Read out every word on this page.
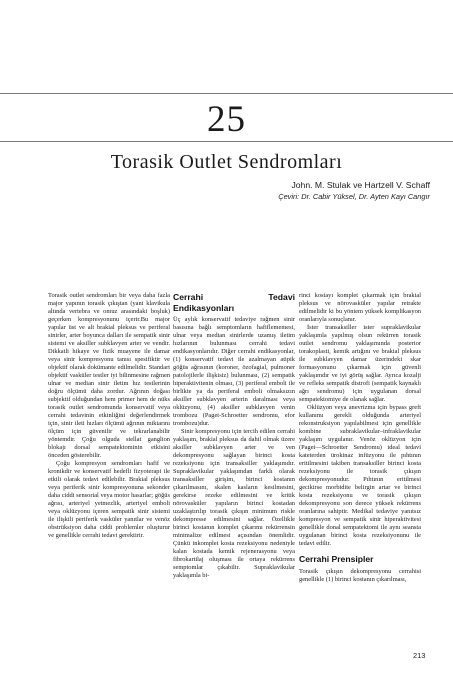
25
Torasik Outlet Sendromları
John. M. Stulak ve Hartzell V. Schaff
Çeviri: Dr. Cabir Yüksel, Dr. Ayten Kayı Cangır

Torasik outlet sendromları bir veya daha fazla major yapının torasik çıkıştan (yani klavikula altında vertebra ve omuz arasındaki boşluk) geçerken kompresyonunu içerir.Bu major yapılar üst ve alt brakial pleksus ve periferal sinirler, arter boyunca dalları ile sempatik sinir sistemi ve aksiller subklavyen arter ve vendir. Dikkatli hikaye ve fizik muayene ile damar veya sinir kompresyonu tanısı spesifiktir ve objektif olarak dokümante edilmelidir. Standart objektif vasküler testler iyi bilinmesine rağmen ulnar ve median sinir iletim hız testlerinin doğru ölçümü daha zordur. Ağrının doğası subjektif olduğundan hem primer hem de nüks torasik outlet sendromunda konservatif veya cerrahi tedavinin etkinliğini değerlendirmek için, sinir ileti hızları ölçümü ağrının miktarını ölçüm için güvenilir ve tekrarlanabilir yöntemdir. Çoğu olguda stellat ganglion blokajı dorsal sempatektominin etkisini önceden gösterebilir.

Çoğu kompresyon sendromları hafif ve kronikdir ve konservatif hedefli fizyoterapi ile etkili olarak tedavi edilebilir. Brakial pleksus veya periferik sinir kompresyonuna sekonder daha ciddi sensorial veya motor hasarlar; göğüs ağrısı, arteriyel yetmezlik, arteriyel emboli veya oklüzyonu içeren sempatik sinir sistemi ile ilişkili periferik vasküler yanıtlar ve venöz obstrüksiyon daha ciddi problemler oluşturur ve genellikle cerrahi tedavi gerektirir.

Cerrahi Tedavi Endikasyonları

Üç aylık konservatif tedaviye rağmen sinir basısına bağlı semptomların hafiflememesi, ulnar veya median sinirlerde uzamış iletim hızlarının bulunması cerrahi tedavi endikasyonlarıdır. Diğer cerrahi endikasyonlar, (1) konservatif tedavi ile azalmayan atipik göğüs ağrısının (koroner, özofagial, pulmoner patolojilerle ilişkisiz) bulunması, (2) sempatik hiperaktivitenin olması, (3) periferal emboli ile birlikte ya da periferal emboli olmaksızın aksiller subklavyen arterin daralması veya oklüzyonu, (4) aksiller subklavyen venin trombozu (Paget-Schroetter sendromu, efor trombozu)dur.

Sinir kompresyonu için tercih edilen cerrahi yaklaşım, brakial pleksus da dahil olmak üzere aksiller subklavyen arter ve ven dekompresyonu sağlayan birinci kosta rezeksiyonu için transaksiller yaklaşımdır. Supraklavikular yaklaşımdan farklı olarak transaksiller girişim, birinci kostanın çıkarılmasını, skalen kasların kesilmesini, gerekirse rezeke edilmesini ve kritik nörovasküler yapıların birinci kostadan uzaklaştırılıp torasik çıkışın minimum riskle dekompresse edilmesini sağlar. Özellikle birinci kostanın komplet çıkarımı rekürrensin minimalize edilmesi açısından önemlidir. Çünkü inkomplet kosta rezeksiyonu nedeniyle kalan kostada kemik rejenerasyonu veya fibrokartilaj oluşması ile ortaya rekürrens semptomlar çıkabilir. Supraklavikular yaklaşımla bi-

rinci kostayı komplet çıkarmak için brakial pleksus ve nörovasküler yapılar retrakte edilmelidir ki bu yöntem yüksek komplikasyon oranlarıyla sonuçlanır.

İster transaksiller ister supraklavikular yaklaşımla yapılmış olsun rekürren torasik outlet sendromu yaklaşımında posterior torakoplasti, kemik artığını ve brakial pleksus ile subklavyen damar üzerindeki skar formasyonunu çıkarmak için güvenli yaklaşımdır ve iyi görüş sağlar. Ayrıca kozalji ve refleks sempatik distrofi (sempatik kaynaklı ağrı sendromu) için uygulanan dorsal sempatektomiye de olanak sağlar.

Oklüzyon veya anevrizma için bypass greft kullanımı gerekli olduğunda arteriyel rekonstruksiyon yapılabilmesi için genellikle kombine subraklavikular–infraklavikular yaklaşım uygulanır. Venöz oklüzyon için (Paget—Schroetter Sendromu) ideal tedavi kateterden ürokinaz infüzyonu ile pıhtının eritilmesini takiben transaksiller birinci kosta rezeksiyonu ile torasik çıkışın dekompresyonudur. Pıhtının eritilmesi gecikirse morbidite belirgin artar ve birinci kosta rezeksiyonu ve torasik çıkışın dekompresyonu son derece yüksek rekürrens oranlarına sahiptir. Medikal tedaviye yanıtsız kompresyon ve sempatik sinir hiperaktivitesi genellikle donal sempatektomi ile aynı seansta uygulanan birinci kosta rezeksiyonunu ile tedavi edilir.

Cerrahi Prensipler

Torasik çıkışın dekompresyonu cerrahisi genellikle (1) birinci kostanın çıkarılması,

213
